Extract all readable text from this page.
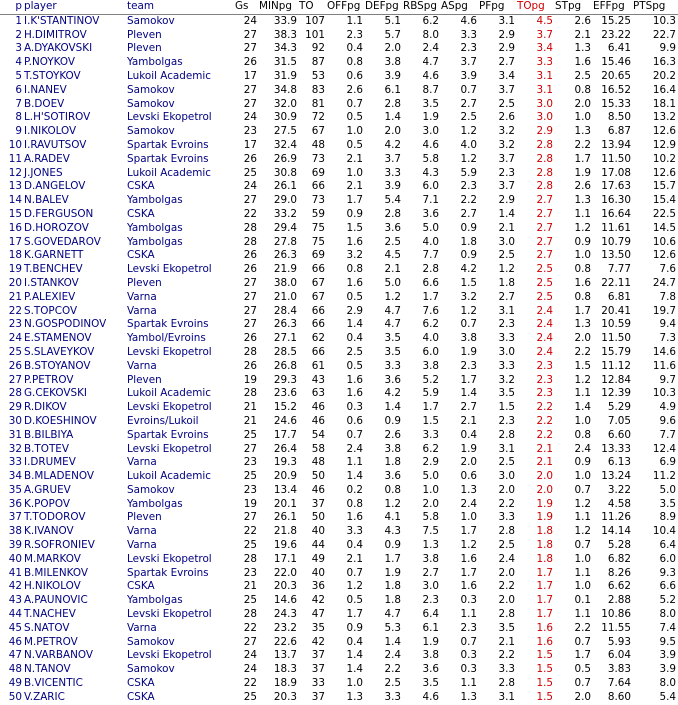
p	player	team	Gs	MINpg	TO	OFFpg	DEFpg	RBSpg	ASpg	PFpg	TOpg	STpg	EFFpg	PTSpg
1	I.K'STANTINOV	Samokov	24	33.9	107	1.1	5.1	6.2	4.6	3.1	4.5	2.6	15.25	10.3
2	H.DIMITROV	Pleven	27	38.3	101	2.3	5.7	8.0	3.3	2.9	3.7	2.1	23.22	22.7
3	A.DYAKOVSKI	Pleven	27	34.3	92	0.4	2.0	2.4	2.3	2.9	3.4	1.3	6.41	9.9
4	P.NOYKOV	Yambolgas	26	31.5	87	0.8	3.8	4.7	3.7	2.7	3.3	1.6	15.46	16.3
5	T.STOYKOV	Lukoil Academic	17	31.9	53	0.6	3.9	4.6	3.9	3.4	3.1	2.5	20.65	20.2
6	I.NANEV	Samokov	27	34.8	83	2.6	6.1	8.7	0.7	3.7	3.1	0.8	16.52	16.4
7	B.DOEV	Samokov	27	32.0	81	0.7	2.8	3.5	2.7	2.5	3.0	2.0	15.33	18.1
8	L.H'SOTIROV	Levski Ekopetrol	24	30.9	72	0.5	1.4	1.9	2.5	2.6	3.0	1.0	8.50	13.2
9	I.NIKOLOV	Samokov	23	27.5	67	1.0	2.0	3.0	1.2	3.2	2.9	1.3	6.87	12.6
10	I.RAVUTSOV	Spartak Evroins	17	32.4	48	0.5	4.2	4.6	4.0	3.2	2.8	2.2	13.94	12.9
11	A.RADEV	Spartak Evroins	26	26.9	73	2.1	3.7	5.8	1.2	3.7	2.8	1.7	11.50	10.2
12	J.JONES	Lukoil Academic	25	30.8	69	1.0	3.3	4.3	5.9	2.3	2.8	1.9	17.08	12.6
13	D.ANGELOV	CSKA	24	26.1	66	2.1	3.9	6.0	2.3	3.7	2.8	2.6	17.63	15.7
14	N.BALEV	Yambolgas	27	29.0	73	1.7	5.4	7.1	2.2	2.9	2.7	1.3	16.30	15.4
15	D.FERGUSON	CSKA	22	33.2	59	0.9	2.8	3.6	2.7	1.4	2.7	1.1	16.64	22.5
16	D.HOROZOV	Yambolgas	28	29.4	75	1.5	3.6	5.0	0.9	2.1	2.7	1.2	11.61	14.5
17	S.GOVEDAROV	Yambolgas	28	27.8	75	1.6	2.5	4.0	1.8	3.0	2.7	0.9	10.79	10.6
18	K.GARNETT	CSKA	26	26.3	69	3.2	4.5	7.7	0.9	2.5	2.7	1.0	13.50	12.6
19	T.BENCHEV	Levski Ekopetrol	26	21.9	66	0.8	2.1	2.8	4.2	1.2	2.5	0.8	7.77	7.6
20	I.STANKOV	Pleven	27	38.0	67	1.6	5.0	6.6	1.5	1.8	2.5	1.6	22.11	24.7
21	P.ALEXIEV	Varna	27	21.0	67	0.5	1.2	1.7	3.2	2.7	2.5	0.8	6.81	7.8
22	S.TOPCOV	Varna	27	28.4	66	2.9	4.7	7.6	1.2	3.1	2.4	1.7	20.41	19.7
23	N.GOSPODINOV	Spartak Evroins	27	26.3	66	1.4	4.7	6.2	0.7	2.3	2.4	1.3	10.59	9.4
24	E.STAMENOV	Yambol/Evroins	26	27.1	62	0.4	3.5	4.0	3.8	3.3	2.4	2.0	11.50	7.3
25	S.SLAVEYKOV	Levski Ekopetrol	28	28.5	66	2.5	3.5	6.0	1.9	3.0	2.4	2.2	15.79	14.6
26	B.STOYANOV	Varna	26	26.8	61	0.5	3.3	3.8	2.3	3.3	2.3	1.5	11.12	11.6
27	P.PETROV	Pleven	19	29.3	43	1.6	3.6	5.2	1.7	3.2	2.3	1.2	12.84	9.7
28	G.CEKOVSKI	Lukoil Academic	28	23.6	63	1.6	4.2	5.9	1.4	3.5	2.3	1.1	12.39	10.3
29	R.DIKOV	Levski Ekopetrol	21	15.2	46	0.3	1.4	1.7	2.7	1.5	2.2	1.4	5.29	4.9
30	D.KOESHINOV	Evroins/Lukoil	21	24.6	46	0.6	0.9	1.5	2.1	2.3	2.2	1.0	7.05	9.6
31	B.BILBIYA	Spartak Evroins	25	17.7	54	0.7	2.6	3.3	0.4	2.8	2.2	0.8	6.60	7.7
32	B.TOTEV	Levski Ekopetrol	27	26.4	58	2.4	3.8	6.2	1.9	3.1	2.1	2.4	13.33	12.4
33	I.DRUMEV	Varna	23	19.3	48	1.1	1.8	2.9	2.0	2.5	2.1	0.9	6.13	6.9
34	B.MLADENOV	Lukoil Academic	25	20.9	50	1.4	3.6	5.0	0.6	3.0	2.0	1.0	13.24	11.2
35	A.GRUEV	Samokov	23	13.4	46	0.2	0.8	1.0	1.3	2.0	2.0	0.7	3.22	5.0
36	K.POPOV	Yambolgas	19	20.1	37	0.8	1.2	2.0	2.4	2.2	1.9	1.2	4.58	3.5
37	T.TODOROV	Pleven	27	26.1	50	1.6	4.1	5.8	1.0	3.3	1.9	1.1	11.26	8.9
38	K.IVANOV	Varna	22	21.8	40	3.3	4.3	7.5	1.7	2.8	1.8	1.2	14.14	10.4
39	R.SOFRONIEV	Varna	25	19.6	44	0.4	0.9	1.3	1.2	2.5	1.8	0.7	5.28	6.4
40	M.MARKOV	Levski Ekopetrol	28	17.1	49	2.1	1.7	3.8	1.6	2.4	1.8	1.0	6.82	6.0
41	B.MILENKOV	Spartak Evroins	23	22.0	40	0.7	1.9	2.7	1.7	2.0	1.7	1.1	8.26	9.3
42	H.NIKOLOV	CSKA	21	20.3	36	1.2	1.8	3.0	1.6	2.2	1.7	1.0	6.62	6.6
43	A.PAUNOVIC	Yambolgas	25	14.6	42	0.5	1.8	2.3	0.3	2.0	1.7	0.1	2.88	5.2
44	T.NACHEV	Levski Ekopetrol	28	24.3	47	1.7	4.7	6.4	1.1	2.8	1.7	1.1	10.86	8.0
45	S.NATOV	Varna	22	23.2	35	0.9	5.3	6.1	2.3	3.5	1.6	2.2	11.55	7.4
46	M.PETROV	Samokov	27	22.6	42	0.4	1.4	1.9	0.7	2.1	1.6	0.7	5.93	9.5
47	N.VARBANOV	Levski Ekopetrol	24	13.7	37	1.4	2.4	3.8	0.3	2.2	1.5	1.7	6.04	3.9
48	N.TANOV	Samokov	24	18.3	37	1.4	2.2	3.6	0.3	3.3	1.5	0.5	3.83	3.9
49	B.VICENTIC	CSKA	22	18.9	33	1.0	2.5	3.5	1.1	2.8	1.5	0.7	7.64	8.0
50	V.ZARIC	CSKA	25	20.3	37	1.3	3.3	4.6	1.3	3.1	1.5	2.0	8.60	5.4
